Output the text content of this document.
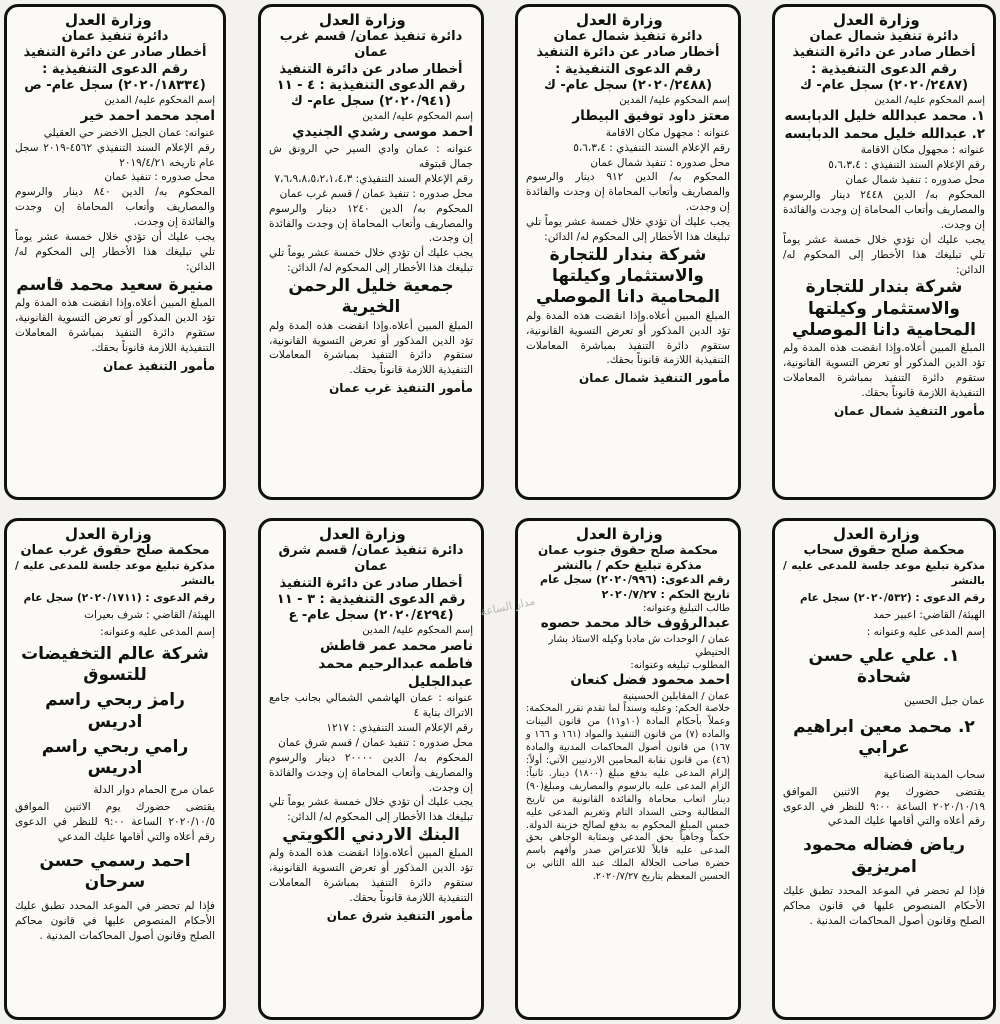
وزارة العدل
دائرة تنفيذ شمال عمان
أخطار صادر عن دائرة التنفيذ
رقم الدعوى التنفيذية :
(٢٠٢٠/٢٤٨٧) سجل عام- ك
إسم المحكوم عليه/ المدين
١. محمد عبدالله خليل الدبابسه
٢. عبدالله خليل محمد الدبابسه
عنوانه : مجهول مكان الاقامة
رقم الإعلام السند التنفيذي : ٥،٦،٣،٤
محل صدوره : تنفيذ شمال عمان
المحكوم به/ الدين ٢٤٤٨ دينار والرسوم والمصاريف وأتعاب المحاماة إن وجدت والفائدة إن وجدت.
يجب عليك أن تؤدي خلال خمسة عشر يوماً تلي تبليغك هذا الأخطار إلى المحكوم له/ الدائن:
شركة بندار للتجارة والاستثمار وكيلتها المحامية دانا الموصلي
المبلغ المبين أعلاه.وإذا انقضت هذه المدة ولم تؤد الدين المذكور أو تعرض التسوية القانونية، ستقوم دائرة التنفيذ بمباشرة المعاملات التنفيذية اللازمة قانوناً بحقك.
مأمور التنفيذ شمال عمان
وزارة العدل
دائرة تنفيذ شمال عمان
أخطار صادر عن دائرة التنفيذ
رقم الدعوى التنفيذية :
(٢٠٢٠/٢٤٨٨) سجل عام- ك
إسم المحكوم عليه/ المدين
معتز داود توفيق البيطار
عنوانه : مجهول مكان الاقامة
رقم الإعلام السند التنفيذي : ٥،٦،٣،٤
محل صدوره : تنفيذ شمال عمان
المحكوم به/ الدين ٩١٢ دينار والرسوم والمصاريف وأتعاب المحاماة إن وجدت والفائدة إن وجدت.
يجب عليك أن تؤدي خلال خمسة عشر يوماً تلي تبليغك هذا الأخطار إلى المحكوم له/ الدائن:
شركة بندار للتجارة والاستثمار وكيلتها المحامية دانا الموصلي
المبلغ المبين أعلاه.وإذا انقضت هذه المدة ولم تؤد الدين المذكور أو تعرض التسوية القانونية، ستقوم دائرة التنفيذ بمباشرة المعاملات التنفيذية اللازمة قانوناً بحقك.
مأمور التنفيذ شمال عمان
وزارة العدل
دائرة تنفيذ عمان/ قسم غرب عمان
أخطار صادر عن دائرة التنفيذ
رقم الدعوى التنفيذية : ٤ - ١١
(٢٠٢٠/٩٤١) سجل عام- ك
إسم المحكوم عليه/ المدين
احمد موسى رشدي الجنيدي
عنوانه : عمان وادي السير حي الرونق ش جمال قبتوقه
رقم الإعلام السند التنفيذي: ٧،٦،٩،٨،٥،٢،١،٤،٣
محل صدوره : تنفيذ عمان / قسم غرب عمان
المحكوم به/ الدين ١٢٤٠ دينار والرسوم والمصاريف وأتعاب المحاماة إن وجدت والفائدة إن وجدت.
يجب عليك أن تؤدي خلال خمسة عشر يوماً تلي تبليغك هذا الأخطار إلى المحكوم له/ الدائن:
جمعية خليل الرحمن الخيرية
المبلغ المبين أعلاه.وإذا انقضت هذه المدة ولم تؤد الدين المذكور أو تعرض التسوية القانونية، ستقوم دائرة التنفيذ بمباشرة المعاملات التنفيذية اللازمة قانوناً بحقك.
مأمور التنفيذ غرب عمان
وزارة العدل
دائرة تنفيذ عمان
أخطار صادر عن دائرة التنفيذ
رقم الدعوى التنفيذية :
(٢٠٢٠/١٨٣٣٤) سجل عام- ص
إسم المحكوم عليه/ المدين
امجد محمد احمد خير
عنوانه: عمان الجبل الاخضر حي العقيلي
رقم الإعلام السند التنفيذي ٤٥٦٢-٢٠١٩ سجل عام تاريخه ٢٠١٩/٤/٢١
محل صدوره : تنفيذ عمان
المحكوم به/ الدين ٨٤٠ دينار والرسوم والمصاريف وأتعاب المحاماة إن وجدت والفائدة إن وجدت.
يجب عليك أن تؤدي خلال خمسة عشر يوماً تلي تبليغك هذا الأخطار إلى المحكوم له/ الدائن:
منيرة سعيد محمد قاسم
المبلغ المبين أعلاه.وإذا انقضت هذه المدة ولم تؤد الدين المذكور أو تعرض التسوية القانونية، ستقوم دائرة التنفيذ بمباشرة المعاملات التنفيذية اللازمة قانوناً بحقك.
مأمور التنفيذ عمان
وزارة العدل
محكمة صلح حقوق سحاب
مذكرة تبليغ موعد جلسة للمدعى عليه / بالنشر
رقم الدعوى : (٢٠٢٠/٥٣٢) سجل عام
الهيئة/ القاضي: اعبير حمد
إسم المدعى عليه وعنوانه :
١. علي علي حسن شحادة
عمان جبل الحسين
٢. محمد معين ابراهيم عرابي
سحاب المدينة الصناعية
يقتضى حضورك يوم الاثنين الموافق ٢٠٢٠/١٠/١٩ الساعة ٩:٠٠ للنظر في الدعوى رقم أعلاه والتي أقامها عليك المدعي
رياض فضاله محمود امريزيق
فإذا لم تحضر في الموعد المحدد تطبق عليك الأحكام المنصوص عليها في قانون محاكم الصلح وقانون أصول المحاكمات المدنية .
وزارة العدل
محكمة صلح حقوق جنوب عمان
مذكرة تبليغ حكم / بالنشر
رقم الدعوى: (٢٠٢٠/٩٩٦) سجل عام
تاريخ الحكم : ٢٠٢٠/٧/٢٧
طالب التبليغ وعنوانه:
عبدالرؤوف خالد محمد حصوه
عمان / الوحدات ش مادبا وكيله الاستاذ بشار الحنيطي
المطلوب تبليغه وعنوانه:
احمد محمود فضل كنعان
عمان / المقابلين الحسينية
خلاصة الحكم: وعليه وسنداً لما تقدم تقرر المحكمة: وعملاً بأحكام المادة (١٠و١١) من قانون البينات والماده (٧) من قانون التنفيذ والمواد (١٦١ و ١٦٦ و ١٦٧) من قانون أصول المحاكمات المدنية والمادة (٤٦) من قانون نقابة المحامين الاردنيين الآتي: أولاً: إلزام المدعى عليه بدفع مبلغ (١٨٠٠) دينار. ثانياً: الزام المدعى عليه بالرسوم والمصاريف ومبلغ(٩٠) دينار اتعاب محاماة والفائدة القانونية من تاريخ المطالبة وحتى السداد التام وتغريم المدعى عليه خمس المبلغ المحكوم به بدفع لصالح خزينة الدولة. حكماً وجاهياً بحق المدعي وبمثابة الوجاهي بحق المدعى عليه قابلاً للاعتراض صدر وأفهم باسم حضرة صاحب الجلالة الملك عبد الله الثاني بن الحسين المعظم بتاريخ ٢٠٢٠/٧/٢٧.
وزارة العدل
دائرة تنفيذ عمان/ قسم شرق عمان
أخطار صادر عن دائرة التنفيذ
رقم الدعوى التنفيذية : ٣ - ١١
(٢٠٢٠/٤٢٩٤) سجل عام- ع
إسم المحكوم عليه/ المدين
ناصر محمد عمر قاطش
فاطمه عبدالرحيم محمد عبدالجليل
عنوانه : عمان الهاشمي الشمالي بجانب جامع الاتراك بناية ٤
رقم الإعلام السند التنفيذي : ١٢١٧
محل صدوره : تنفيذ عمان / قسم شرق عمان
المحكوم به/ الدين ٢٠٠٠٠ دينار والرسوم والمصاريف وأتعاب المحاماة إن وجدت والفائدة إن وجدت.
يجب عليك أن تؤدي خلال خمسة عشر يوماً تلي تبليغك هذا الأخطار إلى المحكوم له/ الدائن:
البنك الاردني الكويتي
المبلغ المبين أعلاه.وإذا انقضت هذه المدة ولم تؤد الدين المذكور أو تعرض التسوية القانونية، ستقوم دائرة التنفيذ بمباشرة المعاملات التنفيذية اللازمة قانوناً بحقك.
مأمور التنفيذ شرق عمان
وزارة العدل
محكمة صلح حقوق غرب عمان
مذكرة تبليغ موعد جلسة للمدعى عليه / بالنشر
رقم الدعوى : (٢٠٢٠/١٧١١) سجل عام
الهيئة/ القاضي : شرف بعيرات
إسم المدعى عليه وعنوانه:
شركة عالم التخفيضات للتسوق
رامز ربحي راسم ادريس
رامي ربحي راسم ادريس
عمان مرج الحمام دوار الدلة
يقتضى حضورك يوم الاثنين الموافق ٢٠٢٠/١٠/٥ الساعة ٩:٠٠ للنظر في الدعوى رقم أعلاه والتي أقامها عليك المدعي
احمد رسمي حسن سرحان
فإذا لم تحضر في الموعد المحدد تطبق عليك الأحكام المنصوص عليها في قانون محاكم الصلح وقانون أصول المحاكمات المدنية .
مدار الساعة
